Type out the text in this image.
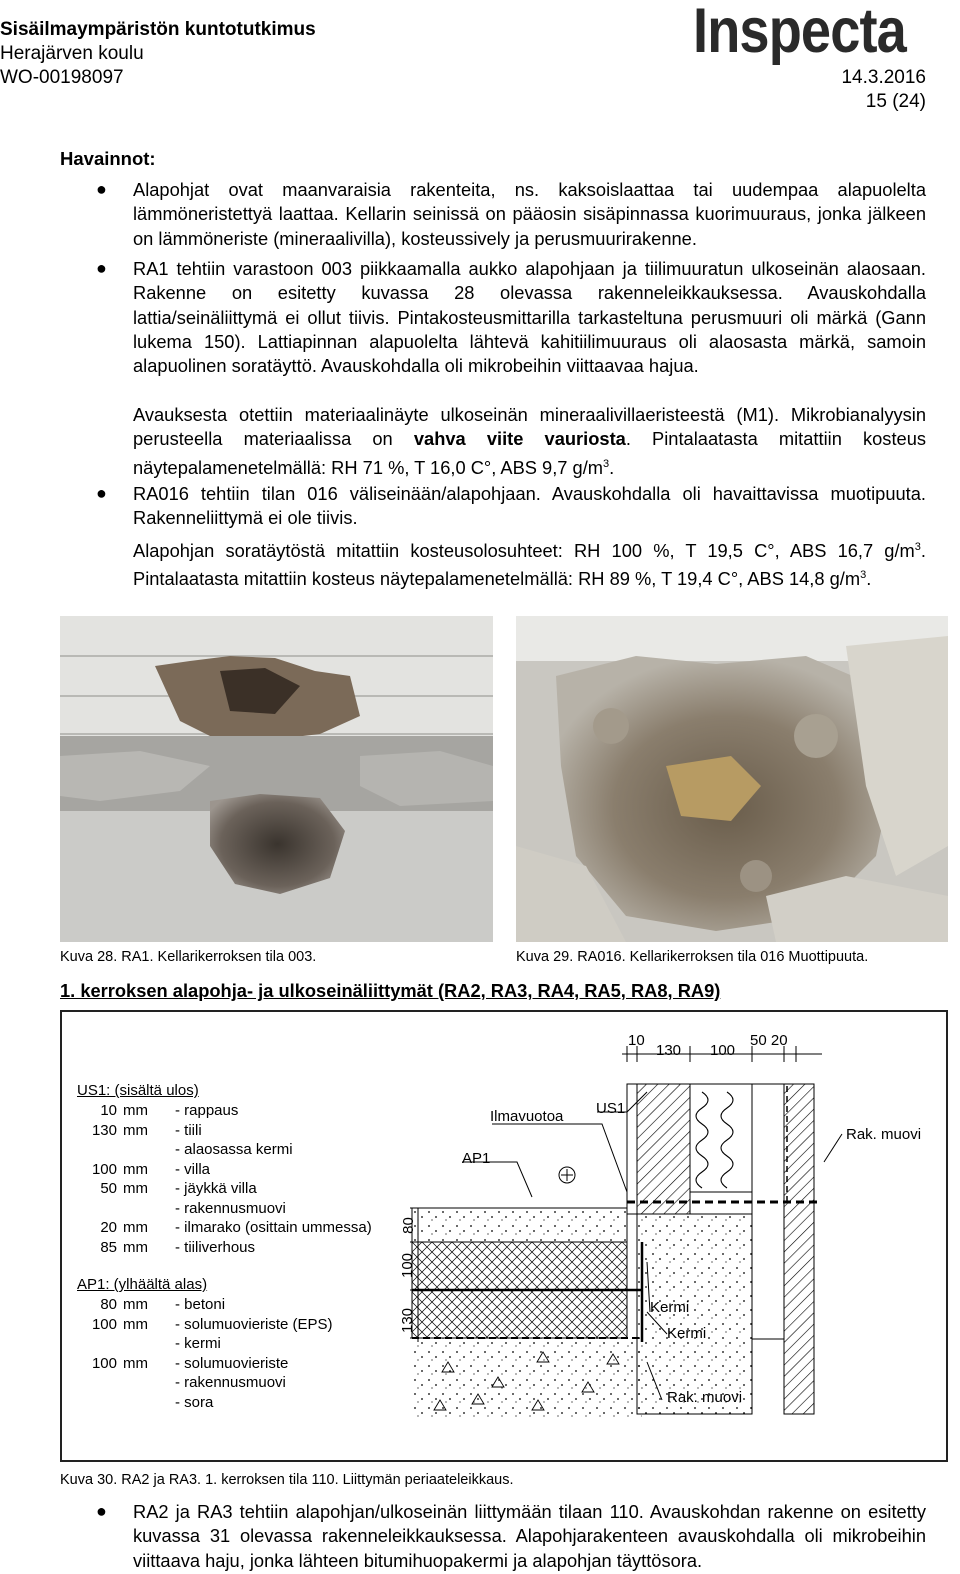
Sisäilmaympäristön kuntotutkimus
Herajärven koulu
WO-00198097
Inspecta
14.3.2016
15 (24)
Havainnot:
● Alapohjat ovat maanvaraisia rakenteita, ns. kaksoislaattaa tai uudempaa alapuolelta lämmöneristettyä laattaa. Kellarin seinissä on pääosin sisäpinnassa kuorimuuraus, jonka jälkeen on lämmöneriste (mineraalivilla), kosteussively ja perusmuurirakenne.
● RA1 tehtiin varastoon 003 piikkaamalla aukko alapohjaan ja tiilimuuratun ulkoseinän alaosaan. Rakenne on esitetty kuvassa 28 olevassa rakenneleikkauksessa. Avauskohdalla lattia/seinäliittymä ei ollut tiivis. Pintakosteusmittarilla tarkasteltuna perusmuuri oli märkä (Gann lukema 150). Lattiapinnan alapuolelta lähtevä kahitiilimuuraus oli alaosasta märkä, samoin alapuolinen soratäyttö. Avauskohdalla oli mikrobeihin viittaavaa hajua.
Avauksesta otettiin materiaalinäyte ulkoseinän mineraalivillaeristeestä (M1). Mikrobianalyysin perusteella materiaalissa on vahva viite vauriosta. Pintalaatasta mitattiin kosteus näytepalamenetelmällä: RH 71 %, T 16,0 C°, ABS 9,7 $g/m^3$.
● RA016 tehtiin tilan 016 väliseinään/alapohjaan. Avauskohdalla oli havaittavissa muotipuuta. Rakenneliittymä ei ole tiivis.
Alapohjan soratäytöstä mitattiin kosteusolosuhteet: RH 100 %, T 19,5 C°, ABS 16,7 $g/m^3$. Pintalaatasta mitattiin kosteus näytepalamenetelmällä: RH 89 %, T 19,4 C°, ABS 14,8 $g/m^3$.
Kuva 28. RA1. Kellarikerroksen tila 003.	Kuva 29. RA016. Kellarikerroksen tila 016 Muottipuuta.
1. kerroksen alapohja- ja ulkoseinäliittymät (RA2, RA3, RA4, RA5, RA8, RA9)
10
130 100
50 20
Ilmavuotoa US1
AP1
Rak. muovi
Kermi
Kermi
Rak. muovi
80
100
130
US1: (sisältä ulos)
10 mm	- rappaus
130 mm	- tiili
- alaosassa kermi
100 mm	- villa
50 mm	- jäykkä villa
- rakennusmuovi
20 mm	- ilmarako (osittain ummessa)
85 mm	- tiiliverhous
AP1: (ylhäältä alas)
80 mm	- betoni
100 mm	- solumuovieriste (EPS)
- kermi
100 mm	- solumuovieriste
- rakennusmuovi
- sora
Kuva 30. RA2 ja RA3. 1. kerroksen tila 110. Liittymän periaateleikkaus.
● RA2 ja RA3 tehtiin alapohjan/ulkoseinän liittymään tilaan 110. Avauskohdan rakenne on esitetty kuvassa 31 olevassa rakenneleikkauksessa. Alapohjarakenteen avauskohdalla oli mikrobeihin viittaava haju, jonka lähteen bitumihuopakermi ja alapohjan täyttösora.
